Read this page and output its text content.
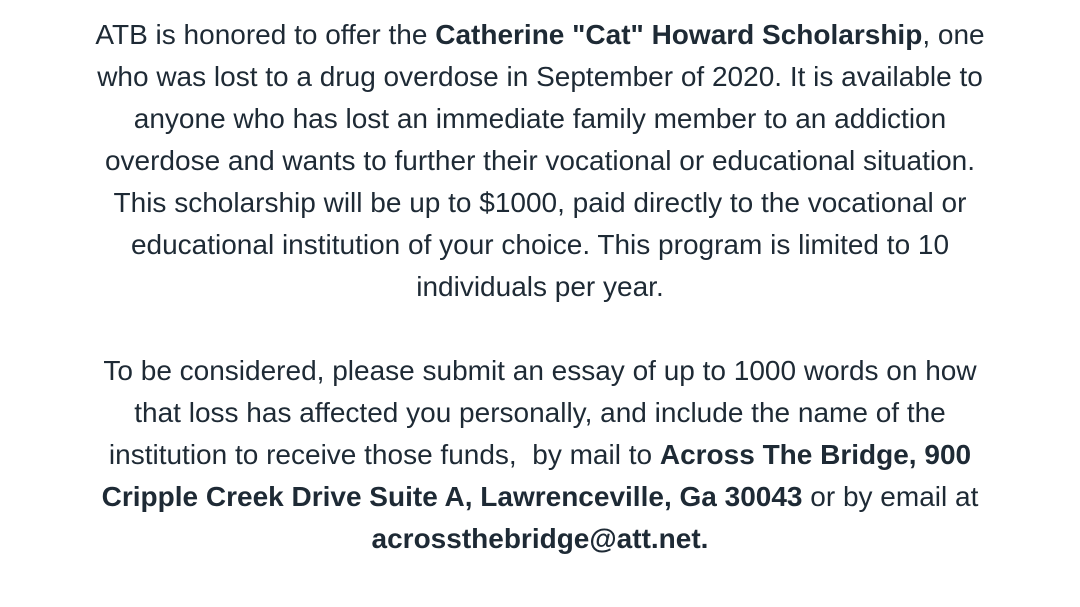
ATB is honored to offer the Catherine "Cat" Howard Scholarship, one
who was lost to a drug overdose in September of 2020. It is available to
anyone who has lost an immediate family member to an addiction
overdose and wants to further their vocational or educational situation.
This scholarship will be up to $1000, paid directly to the vocational or
educational institution of your choice. This program is limited to 10
individuals per year.
To be considered, please submit an essay of up to 1000 words on how
that loss has affected you personally, and include the name of the
institution to receive those funds,  by mail to Across The Bridge, 900
Cripple Creek Drive Suite A, Lawrenceville, Ga 30043 or by email at
acrossthebridge@att.net.
